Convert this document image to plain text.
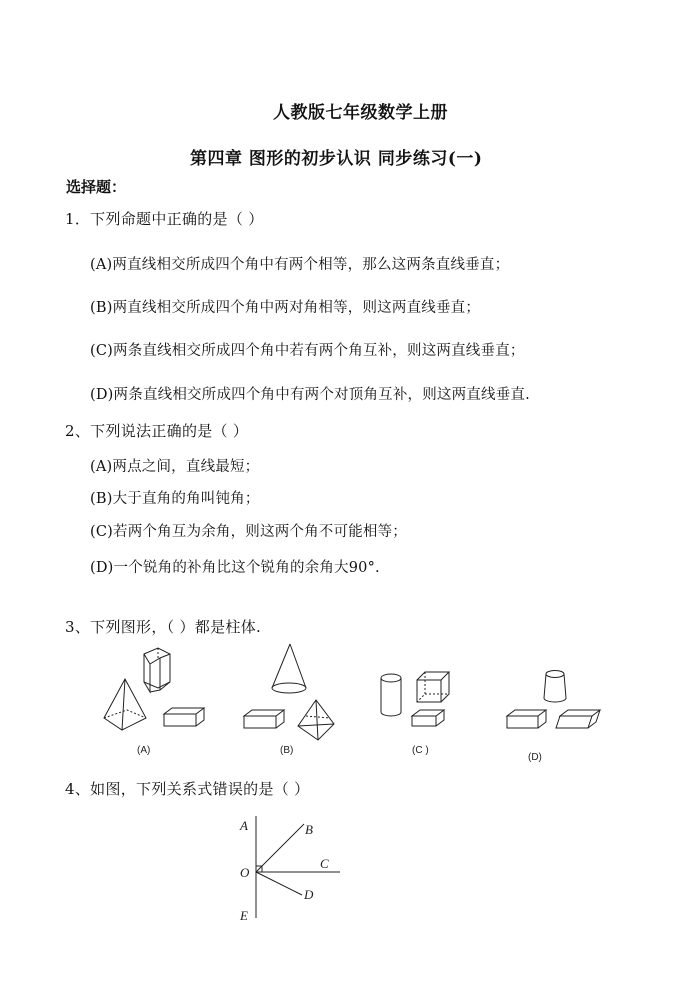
人教版七年级数学上册
第四章 图形的初步认识 同步练习(一)
选择题：
1．下列命题中正确的是（ ）
(A)两直线相交所成四个角中有两个相等，那么这两条直线垂直；
(B)两直线相交所成四个角中两对角相等，则这两直线垂直；
(C)两条直线相交所成四个角中若有两个角互补，则这两直线垂直；
(D)两条直线相交所成四个角中有两个对顶角互补，则这两直线垂直.
2、下列说法正确的是（ ）
(A)两点之间，直线最短；
(B)大于直角的角叫钝角；
(C)若两个角互为余角，则这两个角不可能相等；
(D)一个锐角的补角比这个锐角的余角大90°.
3、下列图形，（ ）都是柱体.
(A)	(B)	(C )
(D)
4、如图，下列关系式错误的是（ ）
A	B
O
C
D
E
